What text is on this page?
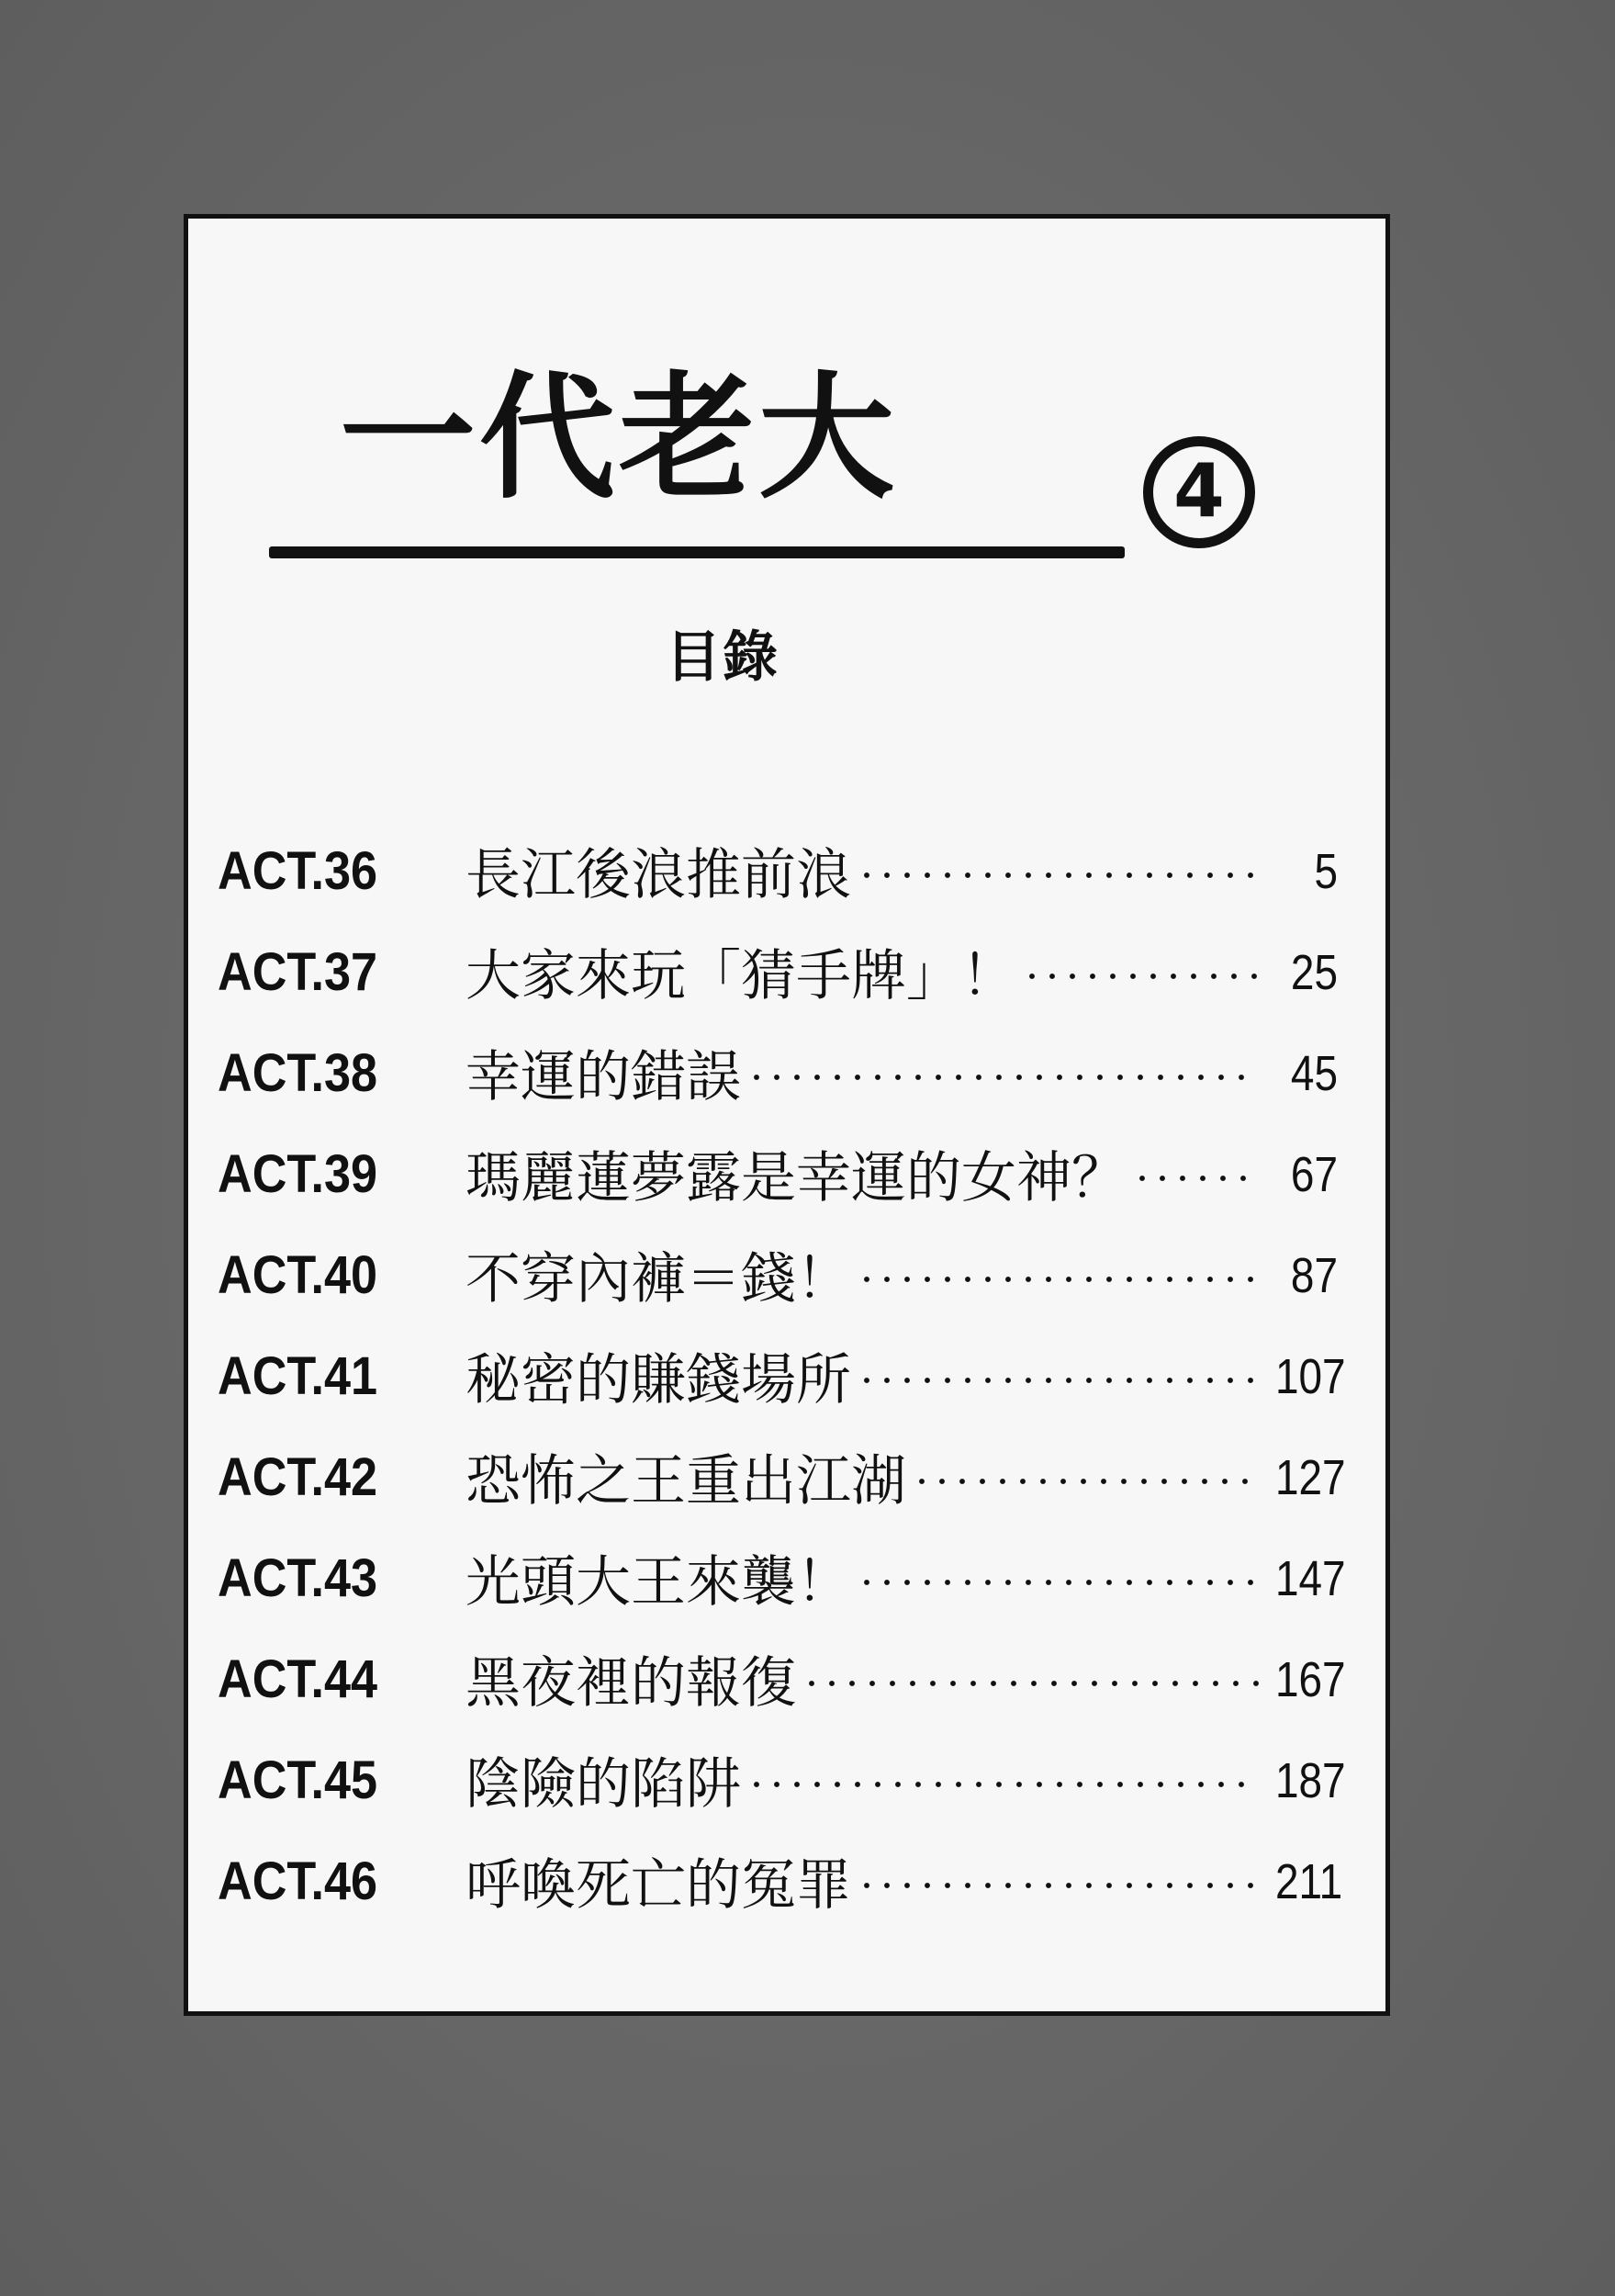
一代老大	4
目錄
ACT.36 長江後浪推前浪	5
ACT.37 大家來玩「猜手牌」！	25
ACT.38 幸運的錯誤	45
ACT.39 瑪麗蓮夢露是幸運的女神？	67
ACT.40 不穿內褲＝錢！	87
ACT.41 秘密的賺錢場所	107
ACT.42 恐怖之王重出江湖	127
ACT.43 光頭大王來襲！	147
ACT.44 黑夜裡的報復	167
ACT.45 陰險的陷阱	187
ACT.46 呼喚死亡的冤罪	211
